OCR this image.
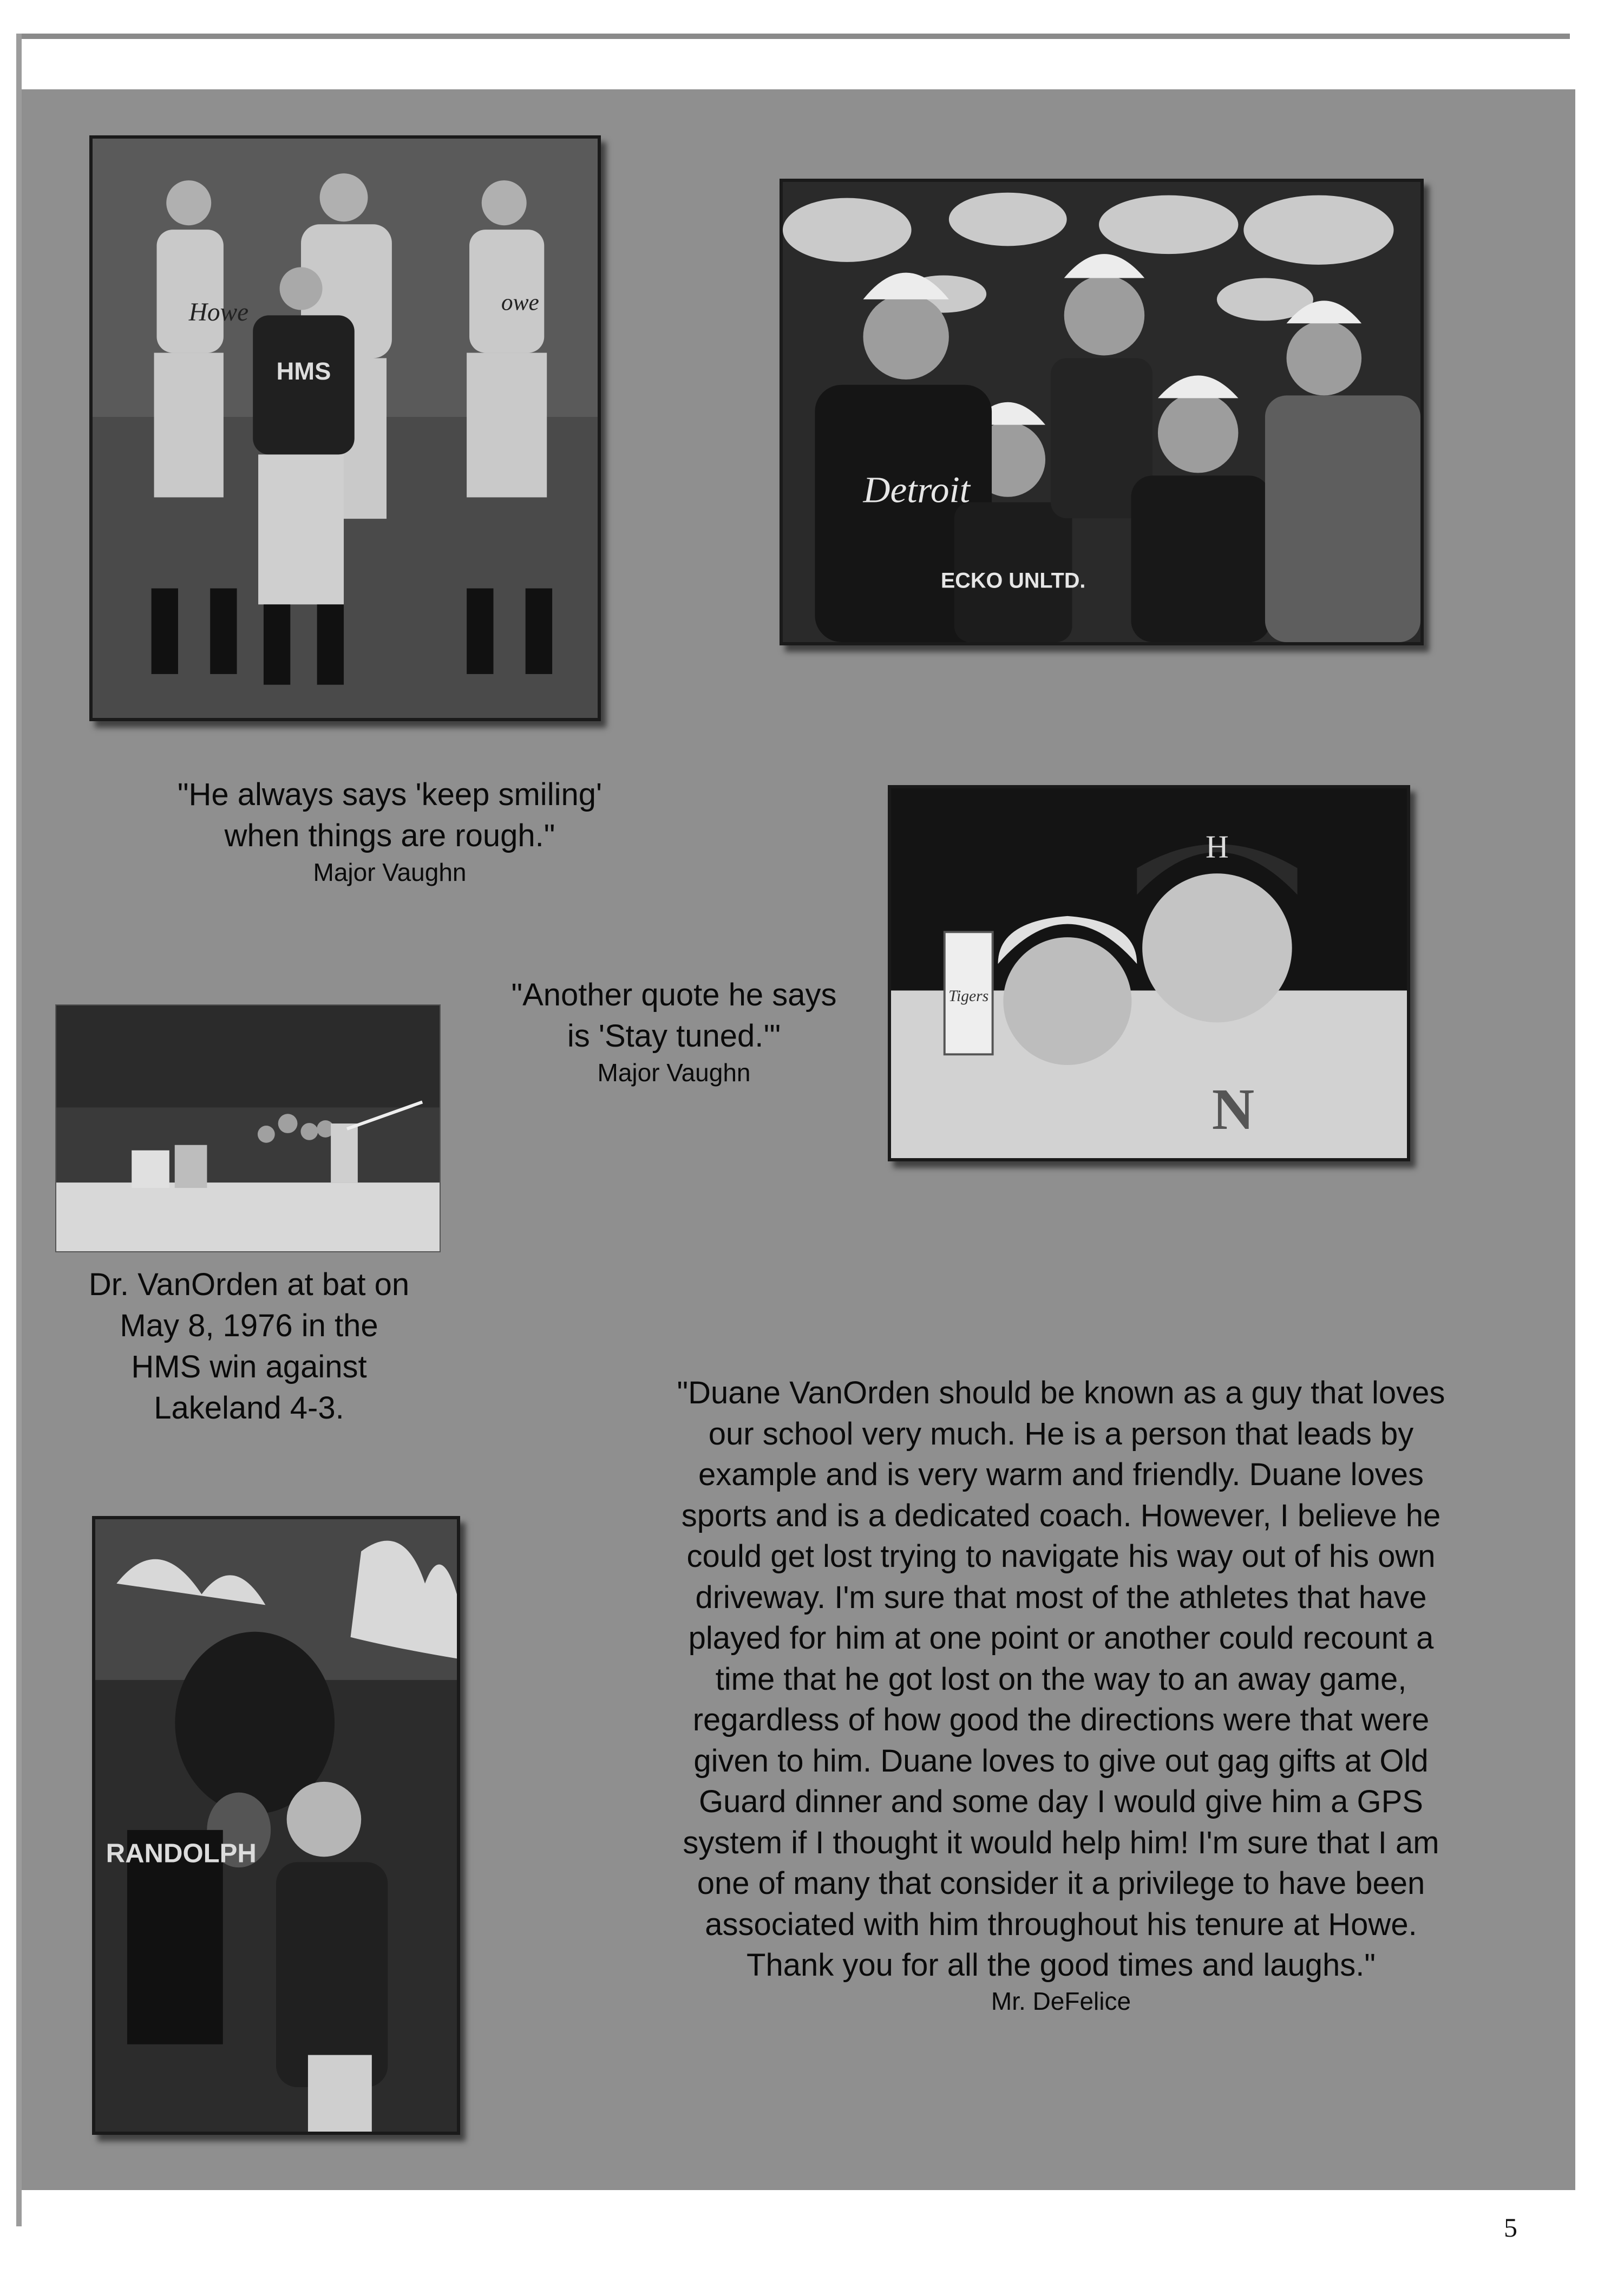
Howe	owe
HMS
Detroit
ECKO UNLTD.
"He always says 'keep smiling'
when things are rough."
Major Vaughn
Tigers
H
N
"Another quote he says
is 'Stay tuned.'"
Major Vaughn
Dr. VanOrden at bat on
May 8, 1976 in the
HMS win against
Lakeland 4-3.
RANDOLPH
"Duane VanOrden should be known as a guy that loves
our school very much. He is a person that leads by
example and is very warm and friendly. Duane loves
sports and is a dedicated coach. However, I believe he
could get lost trying to navigate his way out of his own
driveway. I'm sure that most of the athletes that have
played for him at one point or another could recount a
time that he got lost on the way to an away game,
regardless of how good the directions were that were
given to him. Duane loves to give out gag gifts at Old
Guard dinner and some day I would give him a GPS
system if I thought it would help him! I'm sure that I am
one of many that consider it a privilege to have been
associated with him throughout his tenure at Howe.
Thank you for all the good times and laughs."
Mr. DeFelice
5
